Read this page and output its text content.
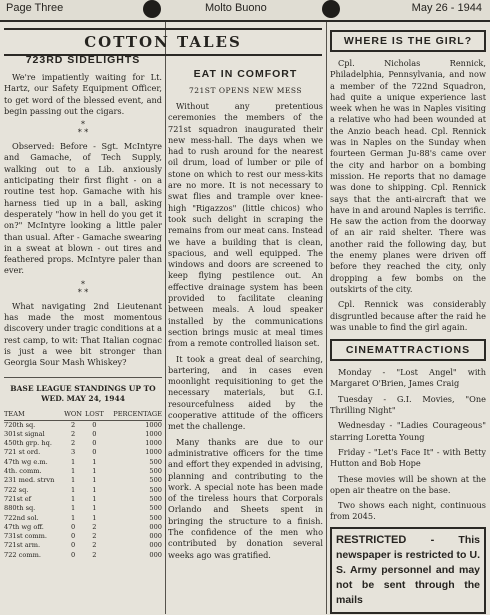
Page Three	Molto Buono	May 26 - 1944
723RD SIDELIGHTS

We're impatiently waiting for Lt. Hartz, our Safety Equipment Officer, to get word of the blessed event, and begin passing out the cigars.

*
* *

Observed: Before - Sgt. McIntyre and Gamache, of Tech Supply, walking out to a Lib. anxiously anticipating their first flight - on a routine test hop. Gamache with his harness tied up in a ball, asking desperately "how in hell do you get it on?" McIntyre looking a little paler than usual. After - Gamache swearing in a sweat at blown - out tires and feathered props. McIntyre paler than ever.

*
* *

What navigating 2nd Lieutenant has made the most momentous discovery under tragic conditions at a rest camp, to wit: That Italian cognac is just a wee bit stronger than Georgia Sour Mash Whiskey?

BASE LEAGUE STANDINGS UP TO WED. MAY 24, 1944
TEAM	WON	LOST	PERCENTAGE
720th sq.	2	0	1000
301st signal	2	0	1000
450th grp. hq.	2	0	1000
721 st ord.	3	0	1000
47th wg e.m.	1	1	500
4th. comm.	1	1	500
231 med. strvn	1	1	500
722 sq.	1	1	500
721st ef	1	1	500
880th sq.	1	1	500
722nd sol.	1	1	500
47th wg off.	0	2	000
731st comm.	0	2	000
721st arm.	0	2	000
722 comm.	0	2	000
COTTON TALES
EAT IN COMFORT
721ST OPENS NEW MESS

Without any pretentious ceremonies the members of the 721st squadron inaugurated their new mess-hall. The days when we had to rush around for the nearest oil drum, load of lumber or pile of stone on which to rest our mess-kits are no more. It is not necessary to swat flies and trample over knee-high "Rigazzos" (little chicos) who took such delight in scraping the remains from our meat cans. Instead we have a building that is clean, spacious, and well equipped. The windows and doors are screened to keep flying pestilence out. An effective drainage system has been provided to facilitate cleaning between meals. A loud speaker installed by the communications section brings music at meal times from a remote controlled liaison set.

It took a great deal of searching, bartering, and in cases even moonlight requisitioning to get the necessary materials, but G.I. resourcefulness aided by the cooperative attitude of the officers met the challenge.

Many thanks are due to our administrative officers for the time and effort they expended in advising, planning and contributing to the work. A special note has been made of the tireless hours that Corporals Orlando and Sheets spent in bringing the structure to a finish. The confidence of the men who contributed by donation several weeks ago was gratified.

WHERE IS THE GIRL?

Cpl. Nicholas Rennick, Philadelphia, Pennsylvania, and now a member of the 722nd Squadron, had quite a unique experience last week when he was in Naples visiting a relative who had been wounded at the Anzio beach head. Cpl. Rennick was in Naples on the Sunday when fourteen German Ju-88's came over the city and harbor on a bombing mission. He reports that no damage was done to shipping. Cpl. Rennick says that the anti-aircraft that we have in and around Naples is terrific. He saw the action from the doorway of an air raid shelter. There was another raid the following day, but the enemy planes were driven off before they reached the city, only dropping a few bombs on the outskirts of the city.

Cpl. Rennick was considerably disgruntled because after the raid he was unable to find the girl again.

CINEMATTRACTIONS

Monday - "Lost Angel" with Margaret O'Brien, James Craig

Tuesday - G.I. Movies, "One Thrilling Night"

Wednesday - "Ladies Courageous" starring Loretta Young

Friday - "Let's Face It" - with Betty Hutton and Bob Hope

These movies will be shown at the open air theatre on the base.

Two shows each night, continuous from 2045.

RESTRICTED - This newspaper is restricted to U. S. Army personnel and may not be sent through the mails
